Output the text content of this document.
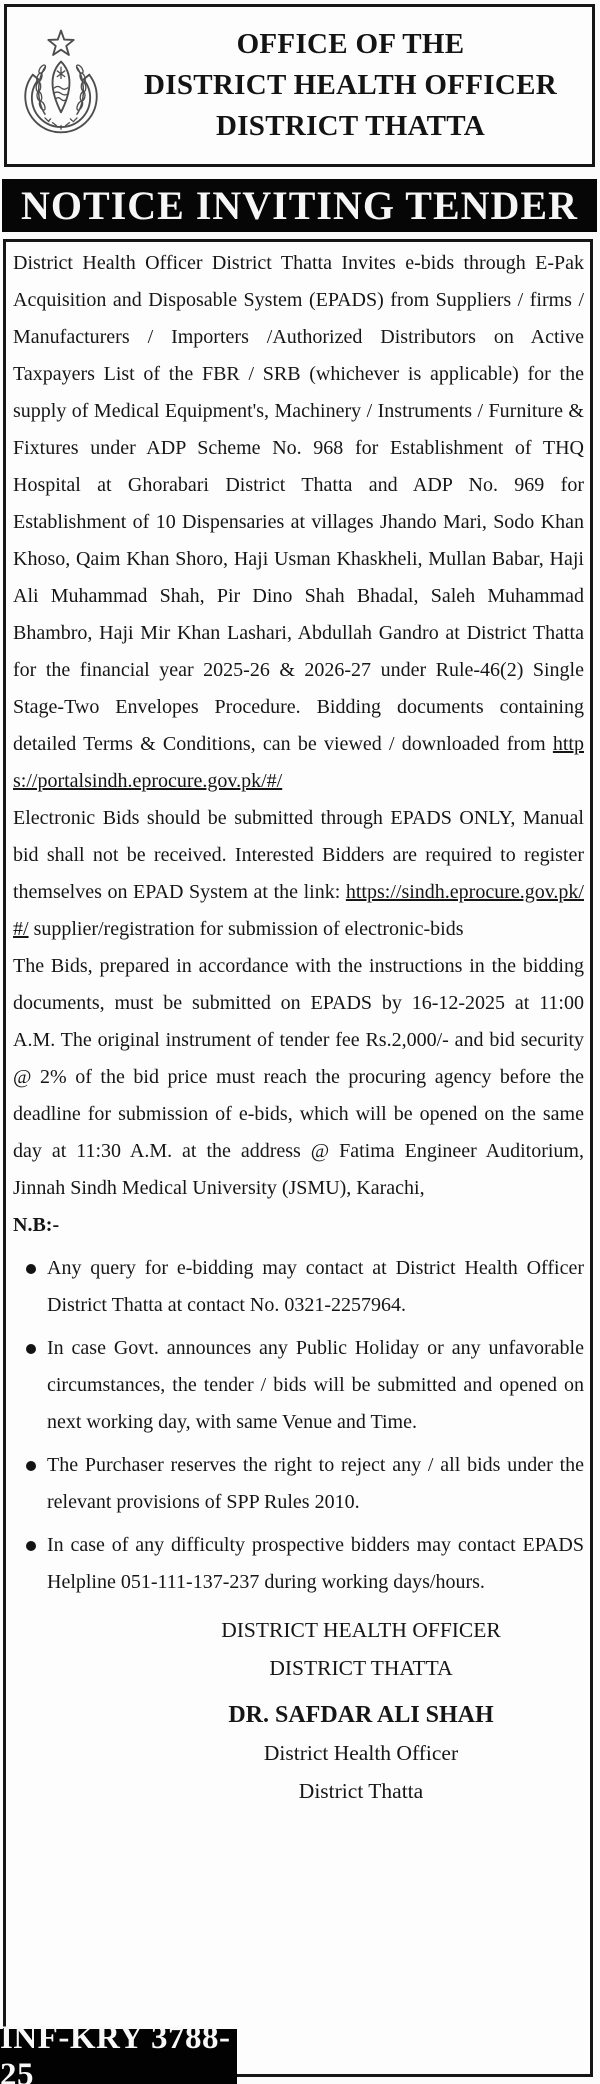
OFFICE OF THE
DISTRICT HEALTH OFFICER
DISTRICT THATTA
NOTICE INVITING TENDER

District Health Officer District Thatta Invites e-bids through E-Pak Acquisition and Disposable System (EPADS) from Suppliers / firms / Manufacturers / Importers /Authorized Distributors on Active Taxpayers List of the FBR / SRB (whichever is applicable) for the supply of Medical Equipment's, Machinery / Instruments / Furniture & Fixtures under ADP Scheme No. 968 for Establishment of THQ Hospital at Ghorabari District Thatta and ADP No. 969 for Establishment of 10 Dispensaries at villages Jhando Mari, Sodo Khan Khoso, Qaim Khan Shoro, Haji Usman Khaskheli, Mullan Babar, Haji Ali Muhammad Shah, Pir Dino Shah Bhadal, Saleh Muhammad Bhambro, Haji Mir Khan Lashari, Abdullah Gandro at District Thatta for the financial year 2025-26 & 2026-27 under Rule-46(2) Single Stage-Two Envelopes Procedure. Bidding documents containing detailed Terms & Conditions, can be viewed / downloaded from https://portalsindh.eprocure.gov.pk/#/

Electronic Bids should be submitted through EPADS ONLY, Manual bid shall not be received. Interested Bidders are required to register themselves on EPAD System at the link: https://sindh.eprocure.gov.pk/#/ supplier/registration for submission of electronic-bids

The Bids, prepared in accordance with the instructions in the bidding documents, must be submitted on EPADS by 16-12-2025 at 11:00 A.M. The original instrument of tender fee Rs.2,000/- and bid security @ 2% of the bid price must reach the procuring agency before the deadline for submission of e-bids, which will be opened on the same day at 11:30 A.M. at the address @ Fatima Engineer Auditorium, Jinnah Sindh Medical University (JSMU), Karachi,

N.B:-
Any query for e-bidding may contact at District Health Officer District Thatta at contact No. 0321-2257964.
In case Govt. announces any Public Holiday or any unfavorable circumstances, the tender / bids will be submitted and opened on next working day, with same Venue and Time.
The Purchaser reserves the right to reject any / all bids under the relevant provisions of SPP Rules 2010.
In case of any difficulty prospective bidders may contact EPADS Helpline 051-111-137-237 during working days/hours.
DISTRICT HEALTH OFFICER
DISTRICT THATTA
DR. SAFDAR ALI SHAH
District Health Officer
District Thatta
INF-KRY 3788-25
